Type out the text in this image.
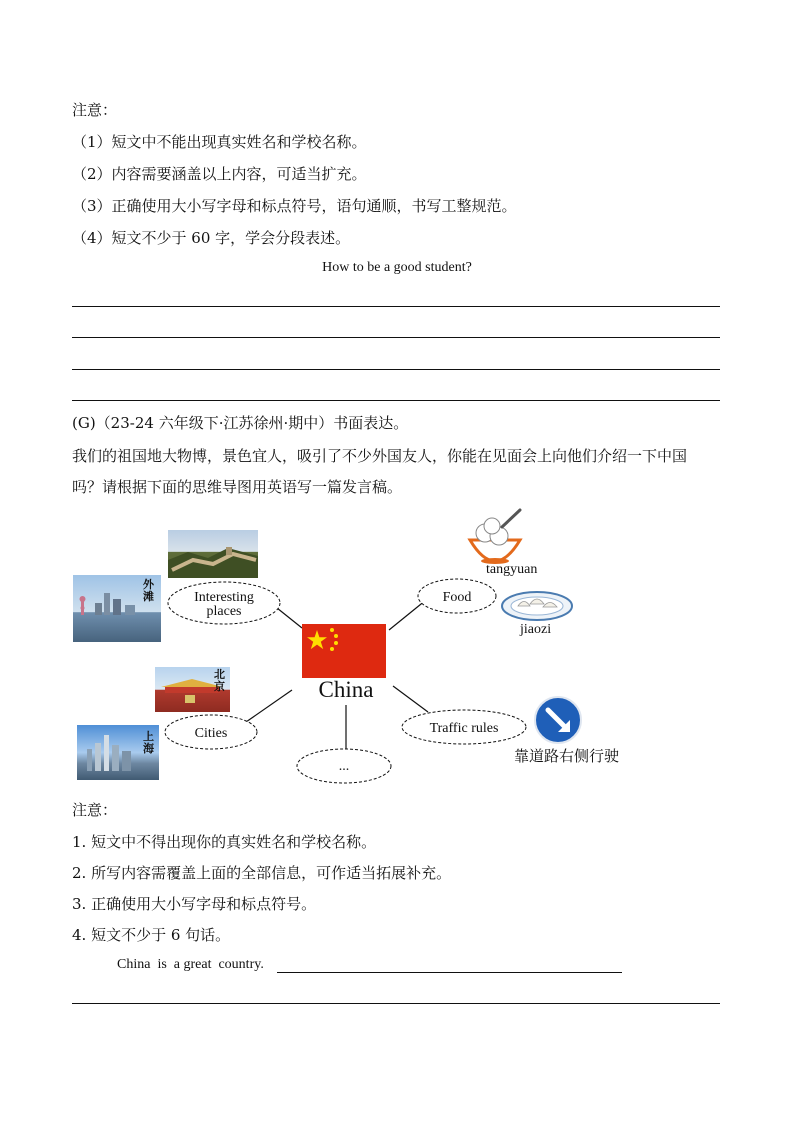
注意：
（1）短文中不能出现真实姓名和学校名称。
（2）内容需要涵盖以上内容，可适当扩充。
（3）正确使用大小写字母和标点符号，语句通顺，书写工整规范。
（4）短文不少于 60 字，学会分段表述。
How to be a good student?
(G)（23-24 六年级下·江苏徐州·期中）书面表达。
我们的祖国地大物博，景色宜人，吸引了不少外国友人，你能在见面会上向他们介绍一下中国
吗？请根据下面的思维导图用英语写一篇发言稿。
Interesting
places
Food
Cities	Traffic rules
...
China
tangyuan
jiaozi
靠道路右侧行驶
外滩
北京
上海
注意：
1. 短文中不得出现你的真实姓名和学校名称。
2. 所写内容需覆盖上面的全部信息，可作适当拓展补充。
3. 正确使用大小写字母和标点符号。
4. 短文不少于 6 句话。
China  is  a great  country.
